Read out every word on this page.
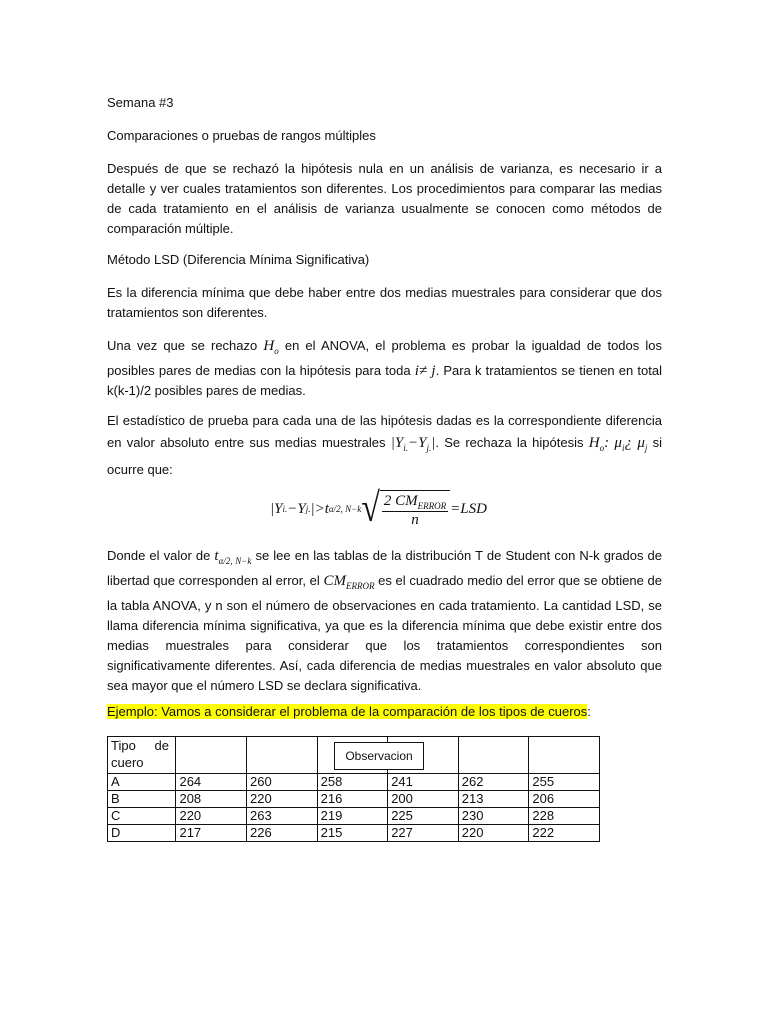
Semana #3

Comparaciones o pruebas de rangos múltiples

Después de que se rechazó la hipótesis nula en un análisis de varianza, es necesario ir a detalle y ver cuales tratamientos son diferentes. Los procedimientos para comparar las medias de cada tratamiento en el análisis de varianza usualmente se conocen como métodos de comparación múltiple.

Método LSD (Diferencia Mínima Significativa)

Es la diferencia mínima que debe haber entre dos medias muestrales para considerar que dos tratamientos son diferentes.

Una vez que se rechazo $H_o$ en el ANOVA, el problema es probar la igualdad de todos los posibles pares de medias con la hipótesis para toda i≠ j. Para k tratamientos se tienen en total k(k-1)/2 posibles pares de medias.

El estadístico de prueba para cada una de las hipótesis dadas es la correspondiente diferencia en valor absoluto entre sus medias muestrales $|Y_{i.}-Y_{j.}|$. Se rechaza la hipótesis $H_o$: $\mu_i¿$ $\mu_j$ si ocurre que:

|Y i. −Y j. |>t α/2, N−k √ $\frac{2 CM_{ERROR}}{n} =LSD$

Donde el valor de $t_{\alpha/2, N-k}$ se lee en las tablas de la distribución T de Student con N-k grados de libertad que corresponden al error, el $CM_{ERROR}$ es el cuadrado medio del error que se obtiene de la tabla ANOVA, y n son el número de observaciones en cada tratamiento. La cantidad LSD, se llama diferencia mínima significativa, ya que es la diferencia mínima que debe existir entre dos medias muestrales para considerar que los tratamientos correspondientes son significativamente diferentes. Así, cada diferencia de medias muestrales en valor absoluto que sea mayor que el número LSD se declara significativa.

Ejemplo: Vamos a considerar el problema de la comparación de los tipos de cueros:

Tipo de cuero						

A	264	260	258	241	262	255
B	208	220	216	200	213	206
C	220	263	219	225	230	228
D	217	226	215	227	220	222
Observacion
